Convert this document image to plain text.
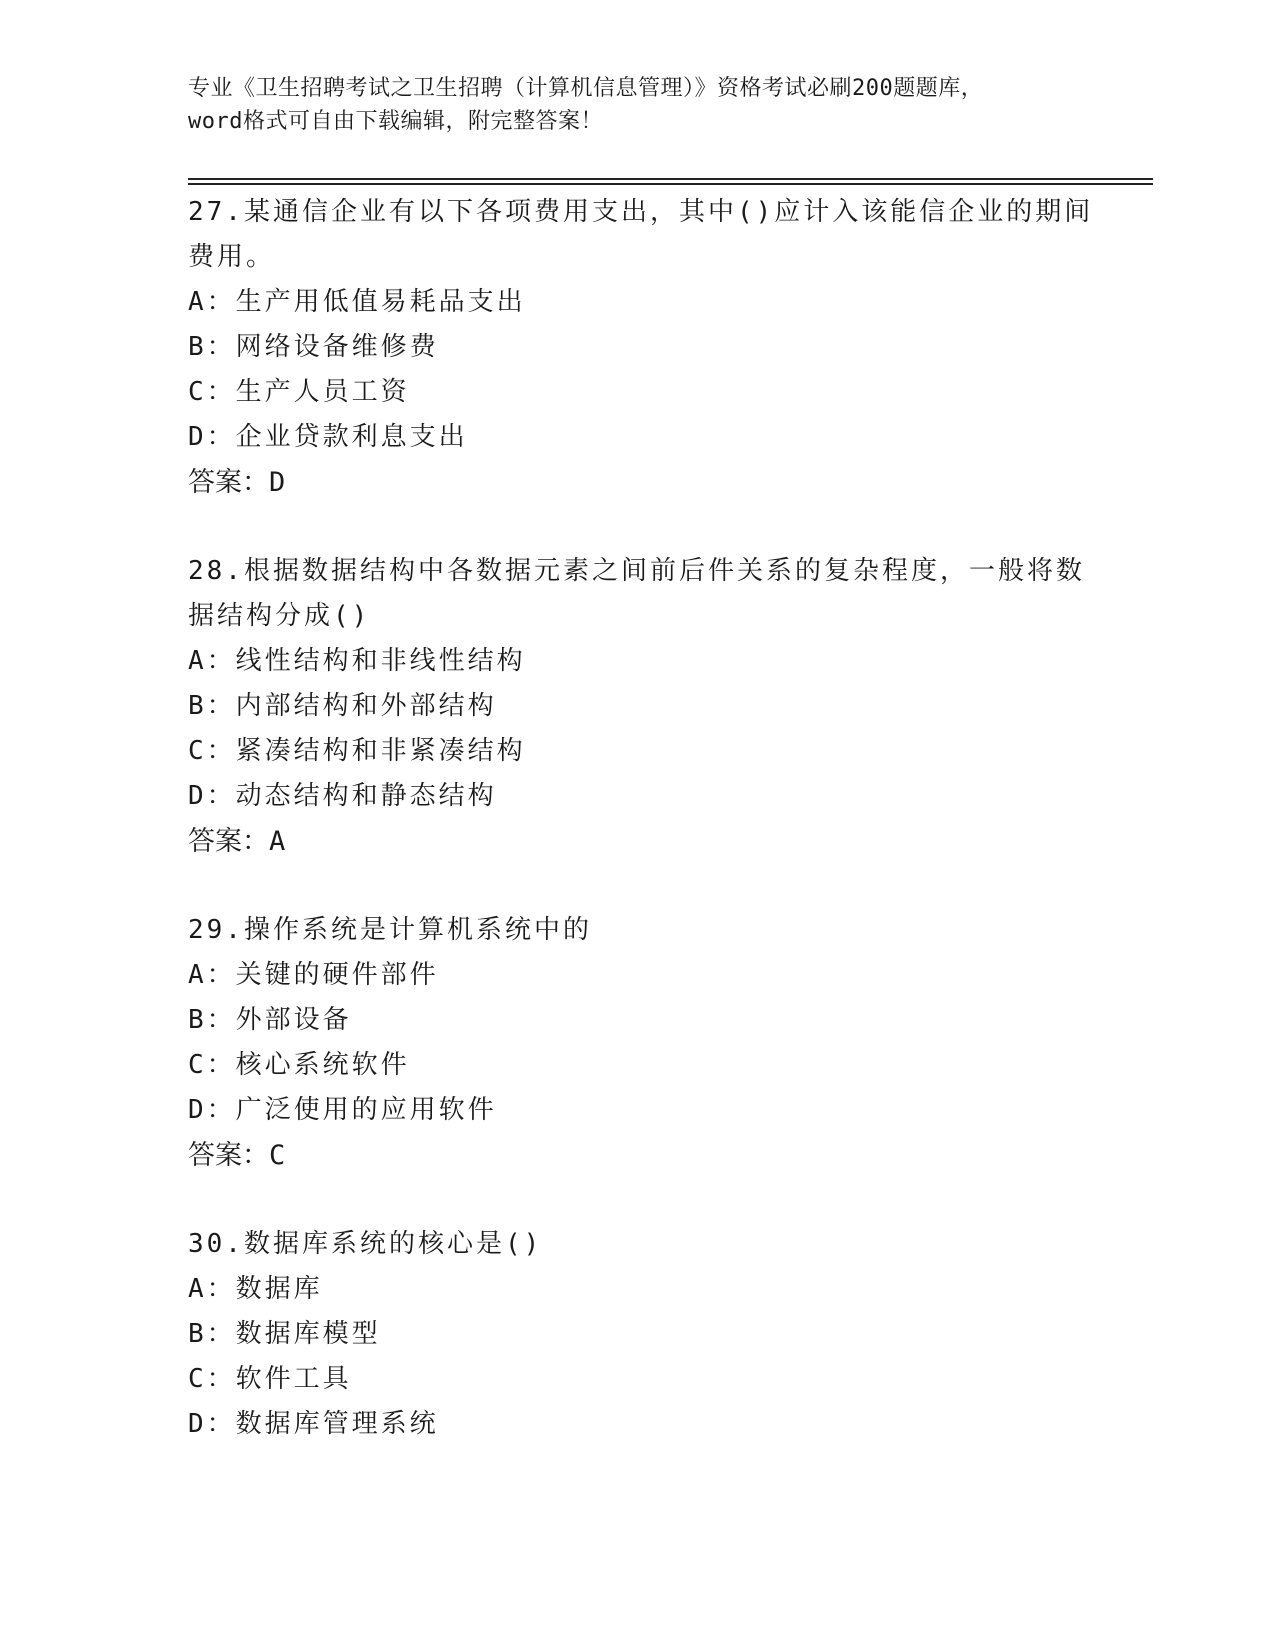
专业《卫生招聘考试之卫生招聘（计算机信息管理）》资格考试必刷200题题库，
word格式可自由下载编辑，附完整答案！

27.某通信企业有以下各项费用支出，其中()应计入该能信企业的期间

费用。

A：生产用低值易耗品支出

B：网络设备维修费

C：生产人员工资

D：企业贷款利息支出

答案：D

28.根据数据结构中各数据元素之间前后件关系的复杂程度，一般将数

据结构分成()

A：线性结构和非线性结构

B：内部结构和外部结构

C：紧凑结构和非紧凑结构

D：动态结构和静态结构

答案：A

29.操作系统是计算机系统中的

A：关键的硬件部件

B：外部设备

C：核心系统软件

D：广泛使用的应用软件

答案：C

30.数据库系统的核心是()

A：数据库

B：数据库模型

C：软件工具

D：数据库管理系统
